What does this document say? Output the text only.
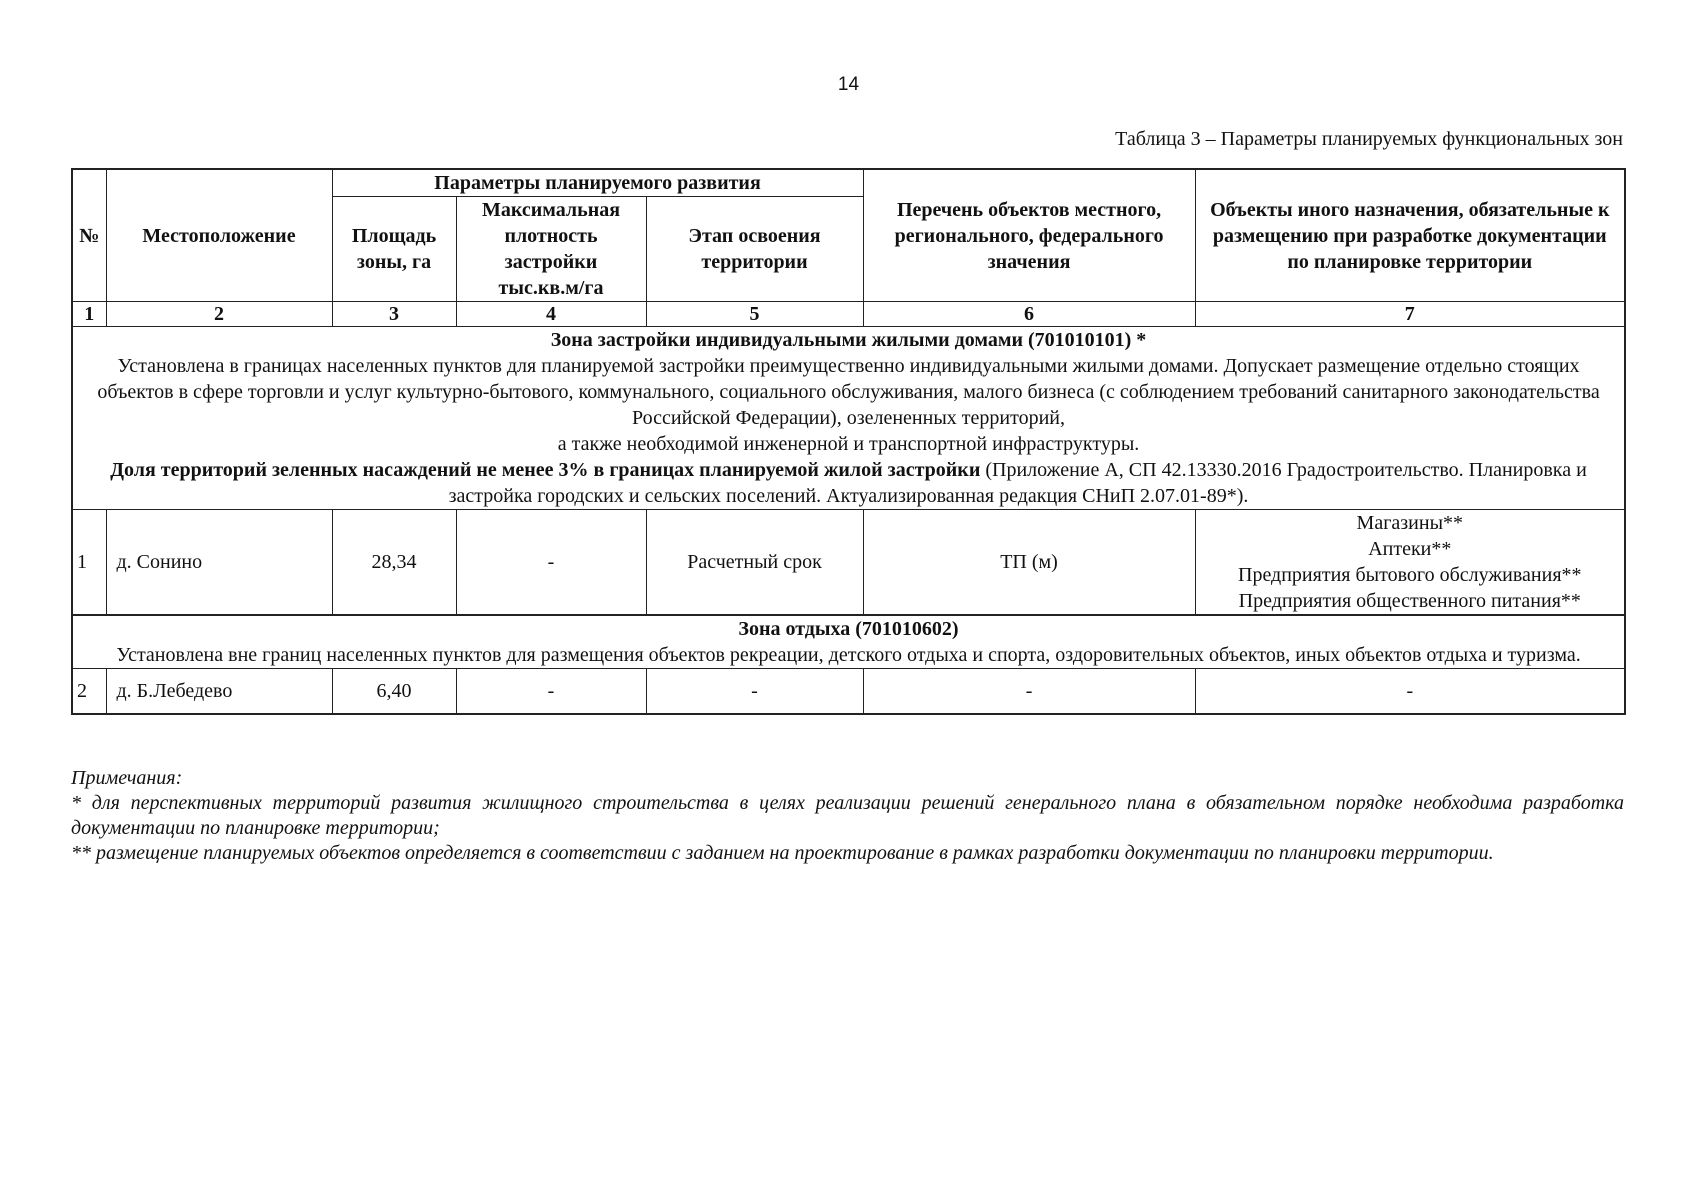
14
Таблица 3 – Параметры планируемых функциональных зон
№	Местоположение	Параметры планируемого развития			Перечень объектов местного, регионального, федерального значения	Объекты иного назначения, обязательные к размещению при разработке документации по планировке территории
		Площадь зоны, га	Максимальная плотность застройки тыс.кв.м/га	Этап освоения территории		
1	2	3	4	5	6	7

Зона застройки индивидуальными жилыми домами (701010101) *
Установлена в границах населенных пунктов для планируемой застройки преимущественно индивидуальными жилыми домами. Допускает размещение отдельно стоящих объектов в сфере торговли и услуг культурно-бытового, коммунального, социального обслуживания, малого бизнеса (с соблюдением требований санитарного законодательства Российской Федерации), озелененных территорий,
а также необходимой инженерной и транспортной инфраструктуры.
Доля территорий зеленных насаждений не менее 3% в границах планируемой жилой застройки (Приложение А, СП 42.13330.2016 Градостроительство. Планировка и застройка городских и сельских поселений. Актуализированная редакция СНиП 2.07.01-89*).						

1	д. Сонино	28,34	-	Расчетный срок	ТП (м)	Магазины**
Аптеки**
Предприятия бытового обслуживания**
Предприятия общественного питания**

Зона отдыха (701010602)
Установлена вне границ населенных пунктов для размещения объектов рекреации, детского отдыха и спорта, оздоровительных объектов, иных объектов отдыха и туризма.						

2	д. Б.Лебедево	6,40	-	-	-	-

Примечания:

* для перспективных территорий развития жилищного строительства в целях реализации решений генерального плана в обязательном порядке необходима разработка документации по планировке территории;

** размещение планируемых объектов определяется в соответствии с заданием на проектирование в рамках разработки документации по планировки территории.
